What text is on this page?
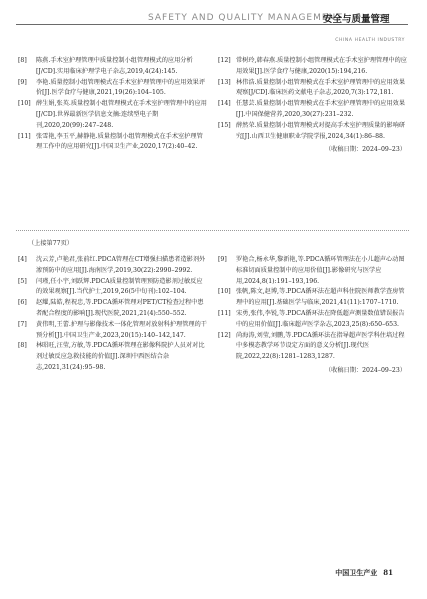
SAFETY AND QUALITY MANAGEMENT
安全与质量管理
CHINA HEALTH INDUSTRY
[8]	陈燕.手术室护理管理中质量控制小组管理模式的应用分析[J/CD].实用临床护理学电子杂志,2019,4(24):145.
[9]	李艳.质量控制小组管理模式在手术室护理管理中的应用效果评价[J].医学食疗与健康,2021,19(26):104–105.
[10] 薛生娟,张英.质量控制小组管理模式在手术室护理管理中的应用[J/CD].世界最新医学信息文摘:连续型电子期刊,2020,20(99):247–248.
[11] 张雪艳,李玉平,赫静艳.质量控制小组管理模式在手术室护理管理工作中的应用研究[J].中国卫生产业,2020,17(2):40–42.
[12] 常树玲,韩春燕.质量控制小组管理模式在手术室护理管理中的应用效果[J].医学食疗与健康,2020(15):194,216.
[13] 林伟浩.质量控制小组管理模式在手术室护理管理中的应用效果观察[J/CD].临床医药文献电子杂志,2020,7(3):172,181.
[14] 任慧芸.质量控制小组管理模式在手术室护理管理中的应用效果[J].中国保健营养,2020,30(27):231–232.
[15] 薛然荣.质量控制小组管理模式对提高手术室护理质量的影响研究[J].山西卫生健康职业学院学报,2024,34(1):86–88.
（收稿日期：2024–09–23）
（上接第77页）
[4]	沈云芳,卢艳君,张前红.PDCA管理在CT增强扫描患者造影剂外渗预防中的应用[J].海南医学,2019,30(22):2990–2992.
[5]	闫瑾,任小宇,刘跃辉.PDCA质量控制管理预防造影剂过敏反应的效果观察[J].当代护士,2019,26(5中旬刊):102–104.
[6]	赵耀,陆皓,程祝忠,等.PDCA循环管理对PET/CT检查过程中患者配合程度的影响[J].现代医院,2021,21(4):550–552.
[7]	黄伟明,王蕾.护理与影像技术一体化管理对放射科护理管理的干预分析[J].中国卫生产业,2023,20(15):140–142,147.
[8]	林昭旺,汪莹,方敏,等.PDCA循环管理在影像科院护人员对对比剂过敏反应急救技能的价值[J].深圳中西医结合杂志,2021,31(24):95–98.
[9]	罗艳合,杨永华,黎新艳,等.PDCA循环管理法在小儿超声心动图标准切面质量控制中的应用价值[J].影像研究与医学应用,2024,8(1):191–193,196.
[10] 张帆,陈文,赵博,等.PDCA循环法在超声科住院医师教学查房管理中的应用[J].基础医学与临床,2021,41(11):1707–1710.
[11] 宋勇,张伟,李锐,等.PDCA循环法在降低超声测量数值错误报告中的应用价值[J].临床超声医学杂志,2023,25(8):650–653.
[12] 尚海涛,刘莹,刘鹏,等.PDCA循环法在指导超声医学科住培过程中多模态教学环节设定方面的意义分析[J].现代医院,2022,22(8):1281–1283,1287.
（收稿日期：2024–09–23）
中国卫生产业 81
